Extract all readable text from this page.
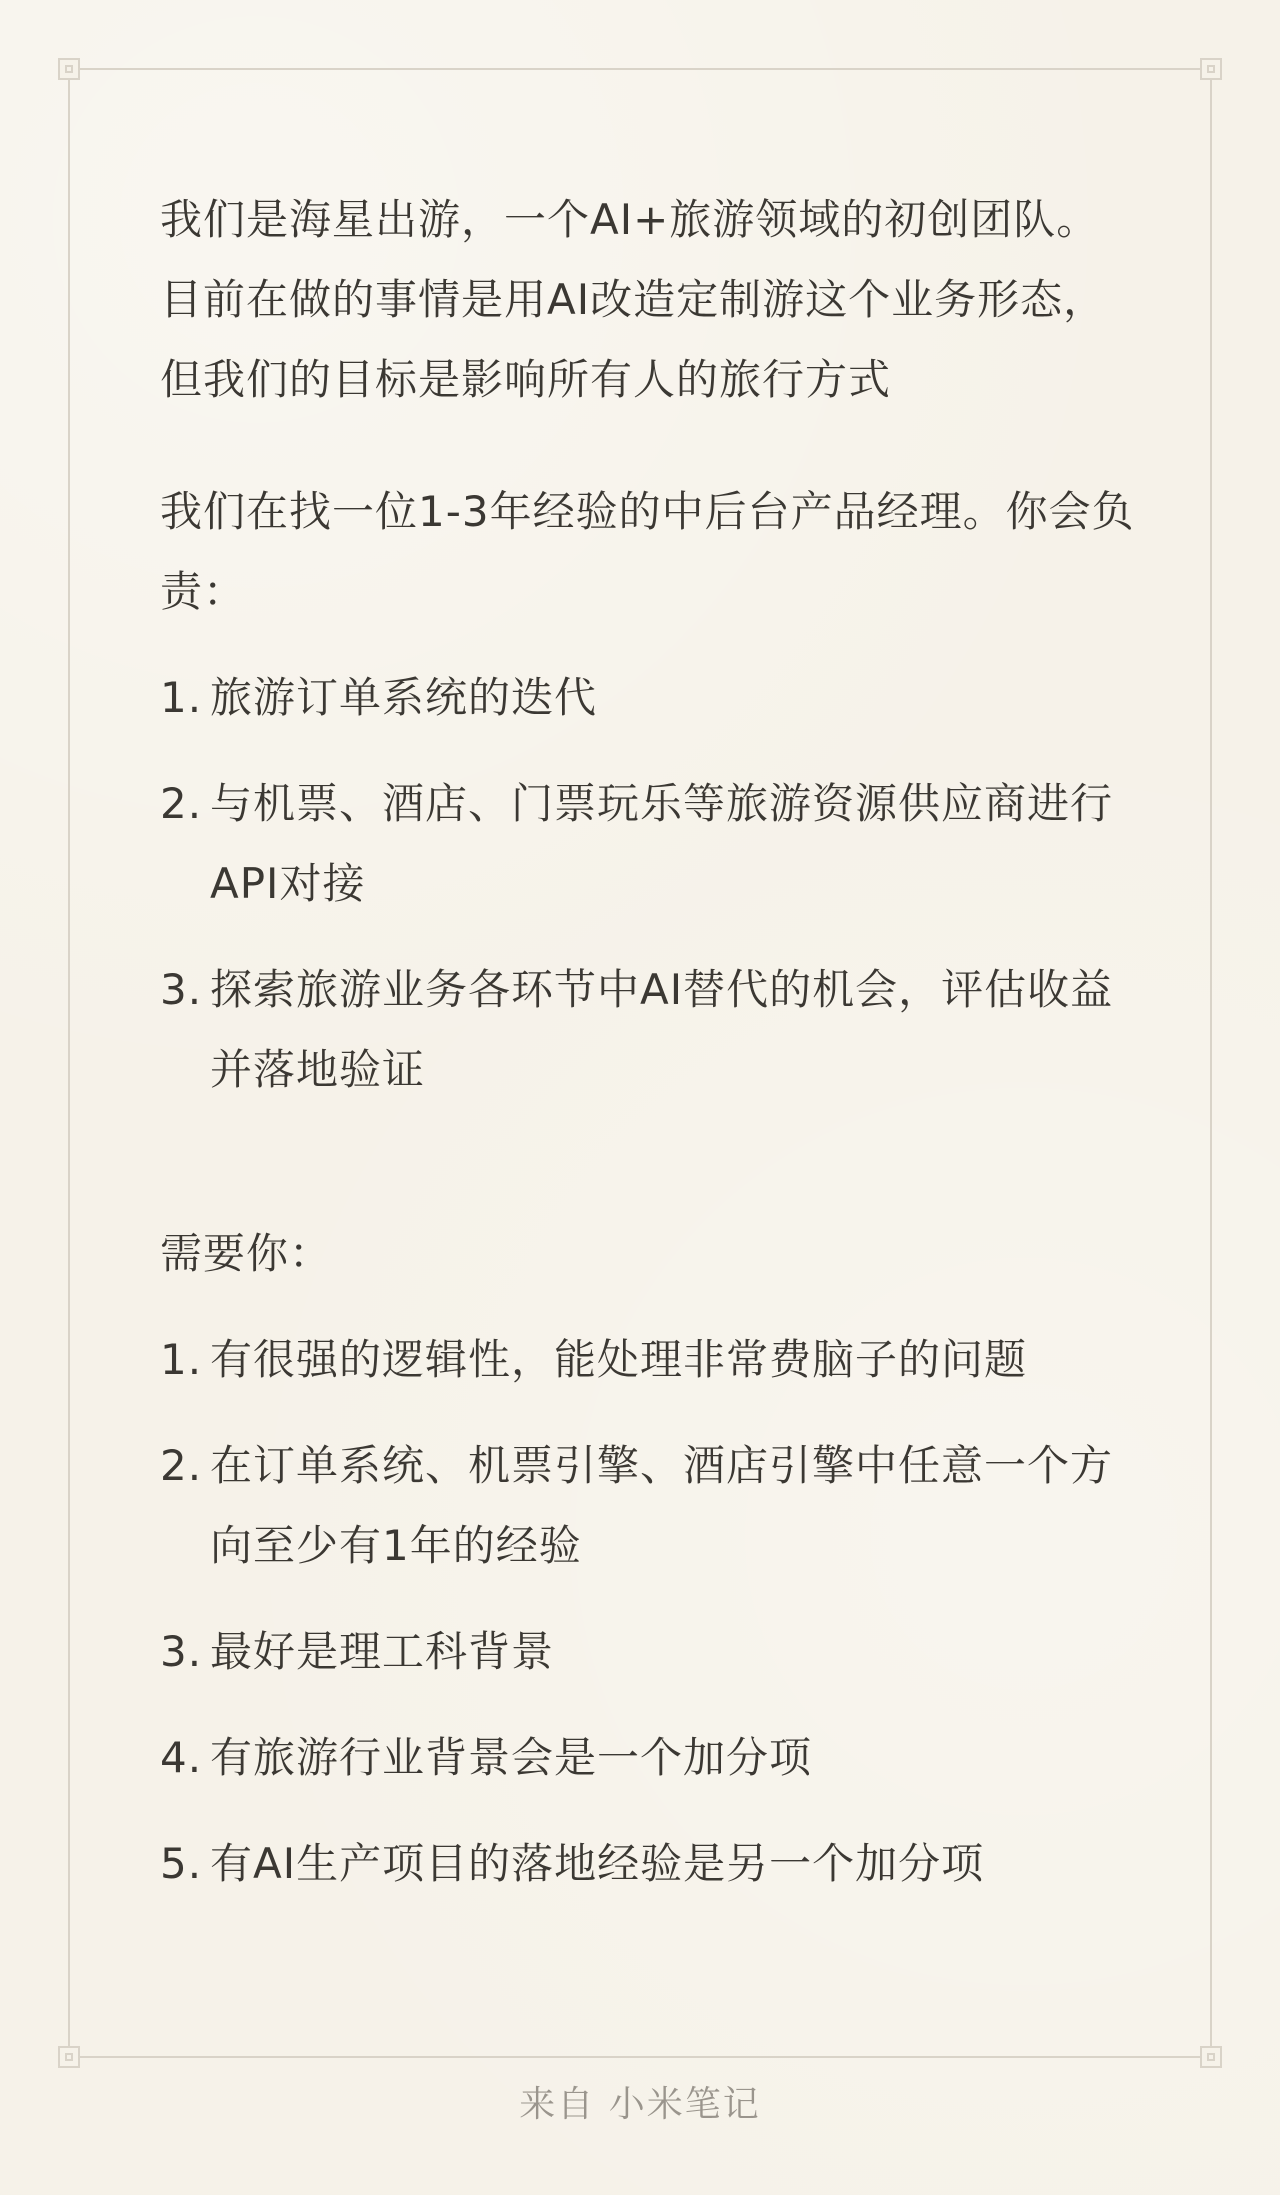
我们是海星出游，一个AI+旅游领域的初创团队。目前在做的事情是用AI改造定制游这个业务形态，但我们的目标是影响所有人的旅行方式

我们在找一位1-3年经验的中后台产品经理。你会负责：

1. 旅游订单系统的迭代
2. 与机票、酒店、门票玩乐等旅游资源供应商进行API对接
3. 探索旅游业务各环节中AI替代的机会，评估收益并落地验证

需要你：

1. 有很强的逻辑性，能处理非常费脑子的问题
2. 在订单系统、机票引擎、酒店引擎中任意一个方向至少有1年的经验
3. 最好是理工科背景
4. 有旅游行业背景会是一个加分项
5. 有AI生产项目的落地经验是另一个加分项
来自 小米笔记
